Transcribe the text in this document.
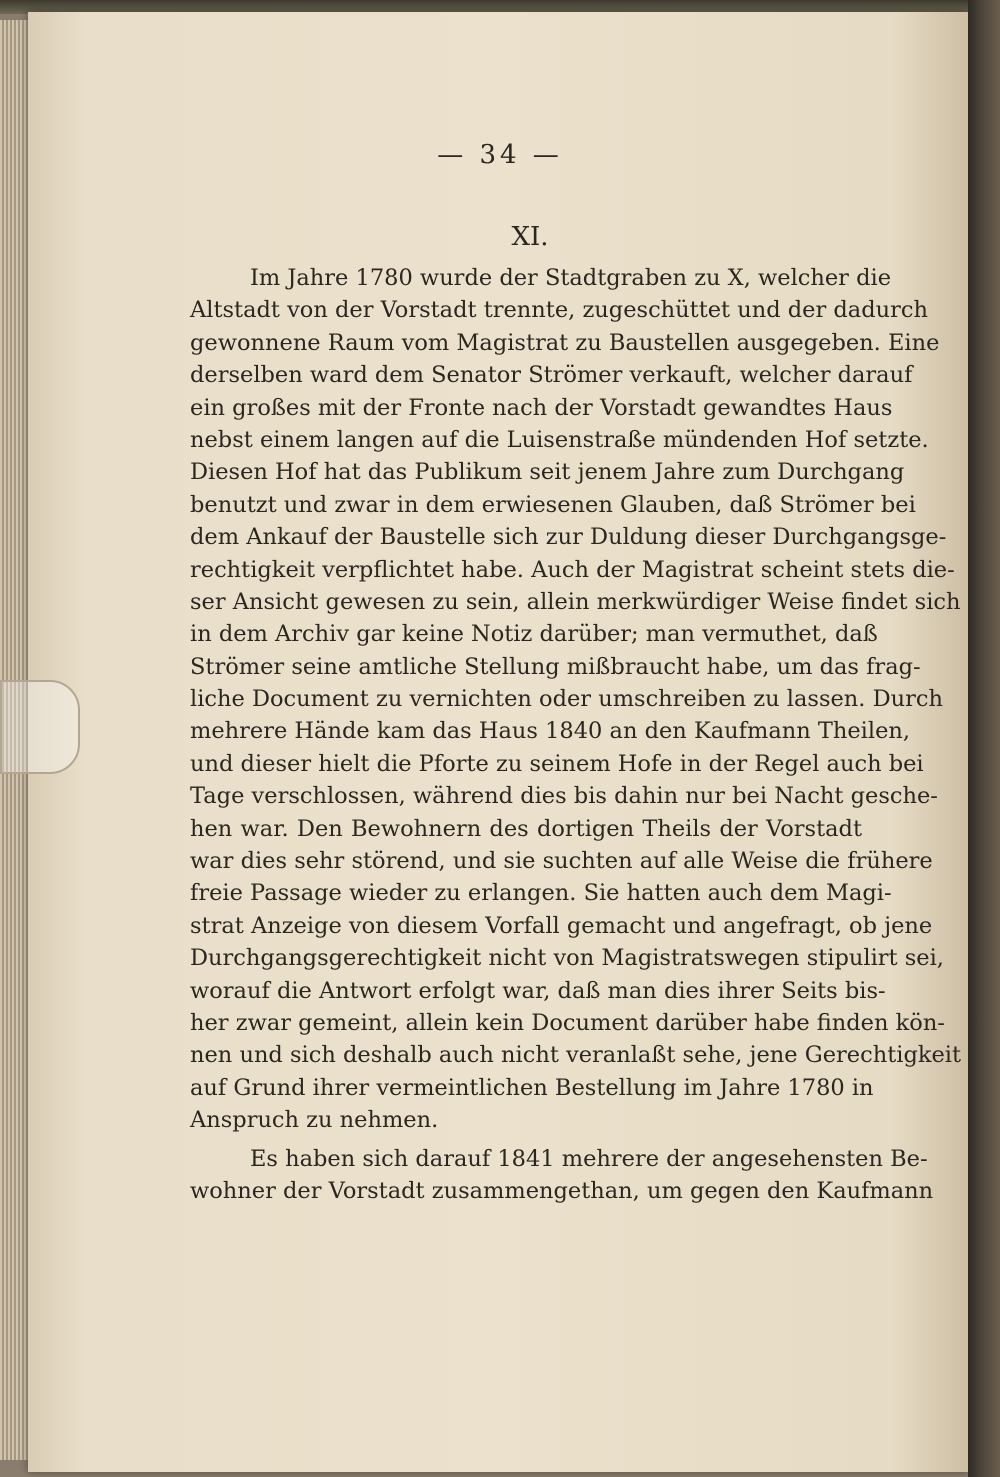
— 34 —
XI.
Im Jahre 1780 wurde der Stadtgraben zu X, welcher die
Altstadt von der Vorstadt trennte, zugeschüttet und der dadurch
gewonnene Raum vom Magistrat zu Baustellen ausgegeben. Eine
derselben ward dem Senator Strömer verkauft, welcher darauf
ein großes mit der Fronte nach der Vorstadt gewandtes Haus
nebst einem langen auf die Luisenstraße mündenden Hof setzte.
Diesen Hof hat das Publikum seit jenem Jahre zum Durchgang
benutzt und zwar in dem erwiesenen Glauben, daß Strömer bei
dem Ankauf der Baustelle sich zur Duldung dieser Durchgangsge-
rechtigkeit verpflichtet habe. Auch der Magistrat scheint stets die-
ser Ansicht gewesen zu sein, allein merkwürdiger Weise findet sich
in dem Archiv gar keine Notiz darüber; man vermuthet, daß
Strömer seine amtliche Stellung mißbraucht habe, um das frag-
liche Document zu vernichten oder umschreiben zu lassen. Durch
mehrere Hände kam das Haus 1840 an den Kaufmann Theilen,
und dieser hielt die Pforte zu seinem Hofe in der Regel auch bei
Tage verschlossen, während dies bis dahin nur bei Nacht gesche-
hen war. Den Bewohnern des dortigen Theils der Vorstadt
war dies sehr störend, und sie suchten auf alle Weise die frühere
freie Passage wieder zu erlangen. Sie hatten auch dem Magi-
strat Anzeige von diesem Vorfall gemacht und angefragt, ob jene
Durchgangsgerechtigkeit nicht von Magistratswegen stipulirt sei,
worauf die Antwort erfolgt war, daß man dies ihrer Seits bis-
her zwar gemeint, allein kein Document darüber habe finden kön-
nen und sich deshalb auch nicht veranlaßt sehe, jene Gerechtigkeit
auf Grund ihrer vermeintlichen Bestellung im Jahre 1780 in
Anspruch zu nehmen.
Es haben sich darauf 1841 mehrere der angesehensten Be-
wohner der Vorstadt zusammengethan, um gegen den Kaufmann
